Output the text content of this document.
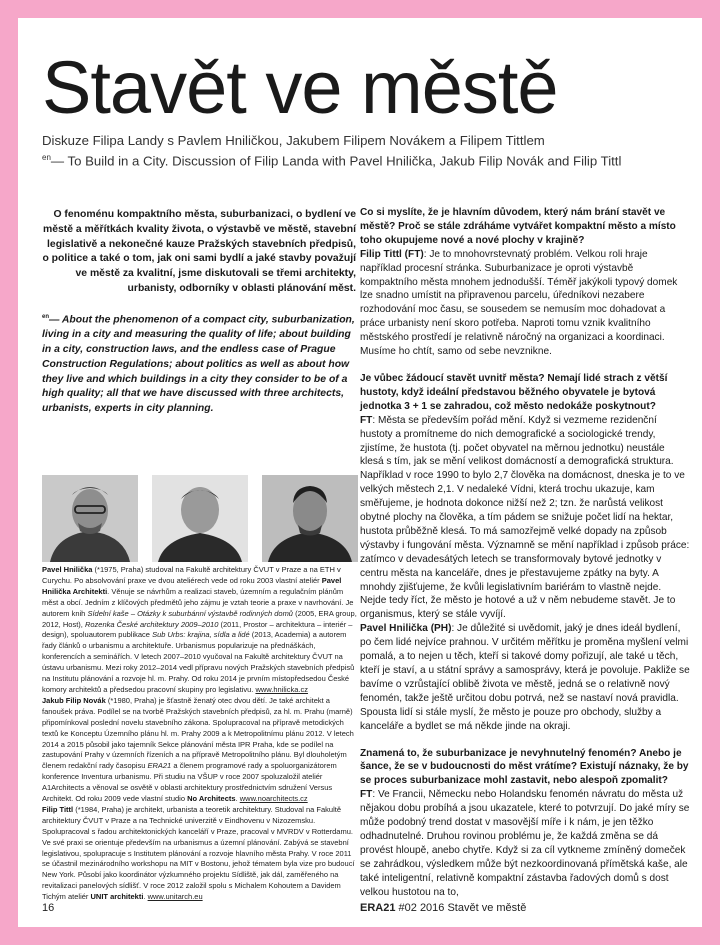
Stavět ve městě
Diskuze Filipa Landy s Pavlem Hniličkou, Jakubem Filipem Novákem a Filipem Tittlem
$^{en}$— To Build in a City. Discussion of Filip Landa with Pavel Hnilička, Jakub Filip Novák and Filip Tittl
O fenoménu kompaktního města, suburbanizaci, o bydlení ve městě a měřítkách kvality života, o výstavbě ve městě, stavební legislativě a nekonečné kauze Pražských stavebních předpisů, o politice a také o tom, jak oni sami bydlí a jaké stavby považují ve městě za kvalitní, jsme diskutovali se třemi architekty, urbanisty, odborníky v oblasti plánování měst.
$^{en}$— About the phenomenon of a compact city, suburbanization, living in a city and measuring the quality of life; about building in a city, construction laws, and the endless case of Prague Construction Regulations; about politics as well as about how they live and which buildings in a city they consider to be of a high quality; all that we have discussed with three architects, urbanists, experts in city planning.

Pavel Hnilička (*1975, Praha) studoval na Fakultě architektury ČVUT v Praze a na ETH v Curychu. Po absolvování praxe ve dvou ateliérech vede od roku 2003 vlastní ateliér Pavel Hnilička Architekti. Věnuje se návrhům a realizaci staveb, územním a regulačním plánům měst a obcí. Jedním z klíčových předmětů jeho zájmu je vztah teorie a praxe v navrhování. Je autorem knih Sídelní kaše – Otázky k suburbánní výstavbě rodinných domů (2005, ERA group, 2012, Host), Rozenka České architektury 2009–2010 (2011, Prostor – architektura – interiér – design), spoluautorem publikace Sub Urbs: krajina, sídla a lidé (2013, Academia) a autorem řady článků o urbanismu a architektuře. Urbanismus popularizuje na přednáškách, konferencích a seminářích. V letech 2007–2010 vyučoval na Fakultě architektury ČVUT na ústavu urbanismu. Mezi roky 2012–2014 vedl přípravu nových Pražských stavebních předpisů na Institutu plánování a rozvoje hl. m. Prahy. Od roku 2014 je prvním místopředsedou České komory architektů a předsedou pracovní skupiny pro legislativu. www.hnilicka.cz

Jakub Filip Novák (*1980, Praha) je šťastně ženatý otec dvou dětí. Je také architekt a fanoušek práva. Podílel se na tvorbě Pražských stavebních předpisů, za hl. m. Prahu (marně) připomínkoval poslední novelu stavebního zákona. Spolupracoval na přípravě metodických textů ke Konceptu Územního plánu hl. m. Prahy 2009 a k Metropolitnímu plánu 2012. V letech 2014 a 2015 působil jako tajemník Sekce plánování města IPR Praha, kde se podílel na zastupování Prahy v územních řízeních a na přípravě Metropolitního plánu. Byl dlouholetým členem redakční rady časopisu ERA21 a členem programové rady a spoluorganizátorem konference Inventura urbanismu. Při studiu na VŠUP v roce 2007 spoluzaložil ateliér A1Architects a věnoval se osvětě v oblasti architektury prostřednictvím sdružení Versus Architekt. Od roku 2009 vede vlastní studio No Architects. www.noarchitects.cz

Filip Tittl (*1984, Praha) je architekt, urbanista a teoretik architektury. Studoval na Fakultě architektury ČVUT v Praze a na Technické univerzitě v Eindhovenu v Nizozemsku. Spolupracoval s řadou architektonických kanceláří v Praze, pracoval v MVRDV v Rotterdamu. Ve své praxi se orientuje především na urbanismus a územní plánování. Zabývá se stavební legislativou, spolupracuje s Institutem plánování a rozvoje hlavního města Prahy. V roce 2011 se účastnil mezinárodního workshopu na MIT v Bostonu, jehož tématem byla vize pro budoucí New York. Působí jako koordinátor výzkumného projektu Sídliště, jak dál, zaměřeného na revitalizaci panelových sídlišť. V roce 2012 založil spolu s Michalem Kohoutem a Davidem Tichým ateliér UNIT architekti. www.unitarch.eu

Co si myslíte, že je hlavním důvodem, který nám brání stavět ve městě? Proč se stále zdráháme vytvářet kompaktní město a místo toho okupujeme nové a nové plochy v krajině?

Filip Tittl (FT): Je to mnohovrstevnatý problém. Velkou roli hraje například procesní stránka. Suburbanizace je oproti výstavbě kompaktního města mnohem jednodušší. Téměř jakýkoli typový domek lze snadno umístit na připravenou parcelu, úředníkovi nezabere rozhodování moc času, se sousedem se nemusím moc dohadovat a práce urbanisty není skoro potřeba. Naproti tomu vznik kvalitního městského prostředí je relativně náročný na organizaci a koordinaci. Musíme ho chtít, samo od sebe nevznikne.

Je vůbec žádoucí stavět uvnitř města? Nemají lidé strach z větší hustoty, když ideální představou běžného obyvatele je bytová jednotka 3 + 1 se zahradou, což město nedokáže poskytnout?

FT: Města se především pořád mění. Když si vezmeme rezidenční hustoty a promítneme do nich demografické a sociologické trendy, zjistíme, že hustota (tj. počet obyvatel na měrnou jednotku) neustále klesá s tím, jak se mění velikost domácností a demografická struktura. Například v roce 1990 to bylo 2,7 člověka na domácnost, dneska je to ve velkých městech 2,1. V nedaleké Vídni, která trochu ukazuje, kam směřujeme, je hodnota dokonce nižší než 2; tzn. že narůstá velikost obytné plochy na člověka, a tím pádem se snižuje počet lidí na hektar, hustota průběžně klesá. To má samozřejmě velké dopady na způsob výstavby i fungování města. Významně se mění například i způsob práce: zatímco v devadesátých letech se transformovaly bytové jednotky v centru města na kanceláře, dnes je přestavujeme zpátky na byty. A mnohdy zjišťujeme, že kvůli legislativním bariérám to vlastně nejde. Nejde tedy říct, že město je hotové a už v něm nebudeme stavět. Je to organismus, který se stále vyvíjí.

Pavel Hnilička (PH): Je důležité si uvědomit, jaký je dnes ideál bydlení, po čem lidé nejvíce prahnou. V určitém měřítku je proměna myšlení velmi pomalá, a to nejen u těch, kteří si takové domy pořizují, ale také u těch, kteří je staví, a u státní správy a samosprávy, která je povoluje. Pakliže se bavíme o vzrůstající oblibě života ve městě, jedná se o relativně nový fenomén, takže ještě určitou dobu potrvá, než se nastaví nová pravidla. Spousta lidí si stále myslí, že město je pouze pro obchody, služby a kanceláře a bydlet se má někde jinde na okraji.

Znamená to, že suburbanizace je nevyhnutelný fenomén? Anebo je šance, že se v budoucnosti do měst vrátíme? Existují náznaky, že by se proces suburbanizace mohl zastavit, nebo alespoň zpomalit?

FT: Ve Francii, Německu nebo Holandsku fenomén návratu do města už nějakou dobu probíhá a jsou ukazatele, které to potvrzují. Do jaké míry se může podobný trend dostat v masovější míře i k nám, je jen těžko odhadnutelné. Druhou rovinou problému je, že každá změna se dá provést hloupě, anebo chytře. Když si za cíl vytkneme zmíněný domeček se zahrádkou, výsledkem může být nezkoordinovaná přímětská kaše, ale také inteligentní, relativně kompaktní zástavba řadových domů s dost velkou hustotou na to,

16	ERA21 #02 2016 Stavět ve městě
